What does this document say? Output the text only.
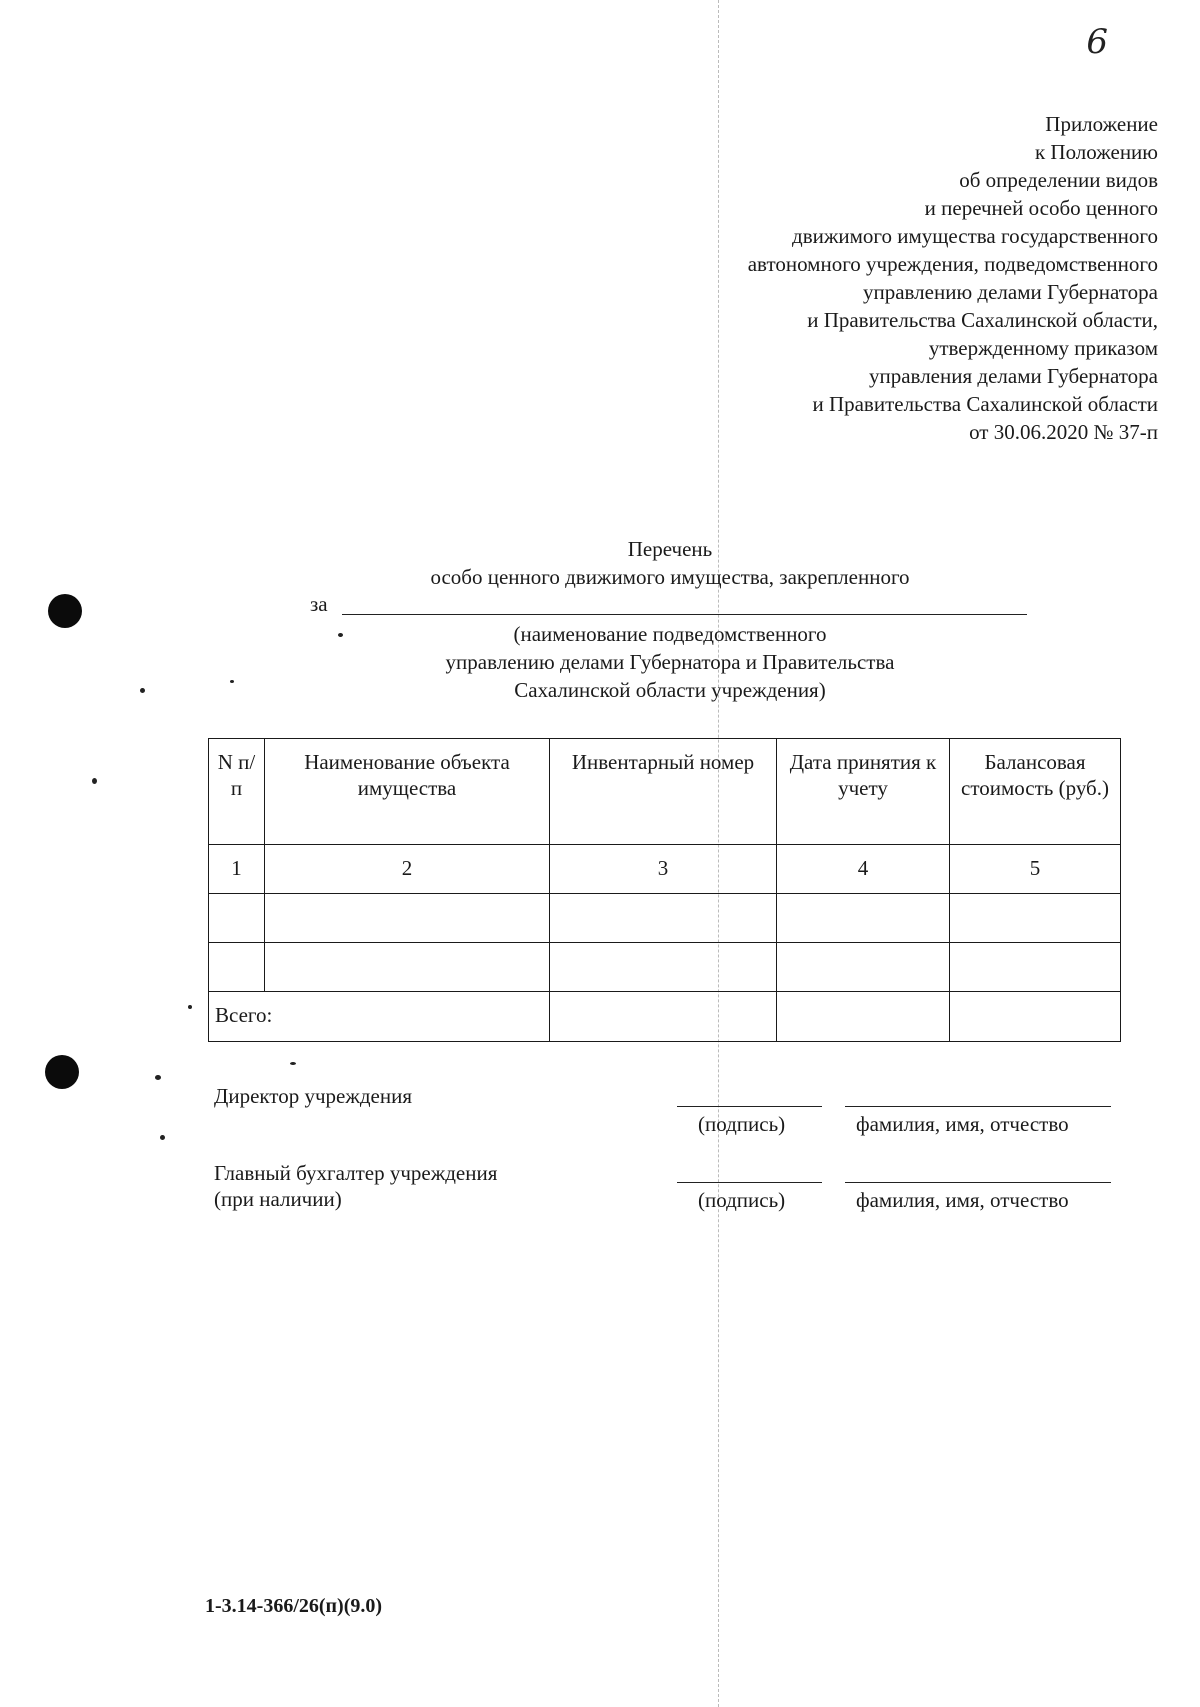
6
Приложение
к Положению
об определении видов
и перечней особо ценного
движимого имущества государственного
автономного учреждения, подведомственного
управлению делами Губернатора
и Правительства Сахалинской области,
утвержденному приказом
управления делами Губернатора
и Правительства Сахалинской области
от 30.06.2020 № 37-п
Перечень
особо ценного движимого имущества, закрепленного
за
(наименование подведомственного
управлению делами Губернатора и Правительства
Сахалинской области учреждения)
N п/п	Наименование объекта имущества	Инвентарный номер	Дата принятия к учету	Балансовая стоимость (руб.)
1	2	3	4	5

Всего:				
Директор учреждения
(подпись)	фамилия, имя, отчество
Главный бухгалтер учреждения
(при наличии)	(подпись)	фамилия, имя, отчество
1-3.14-366/26(п)(9.0)
